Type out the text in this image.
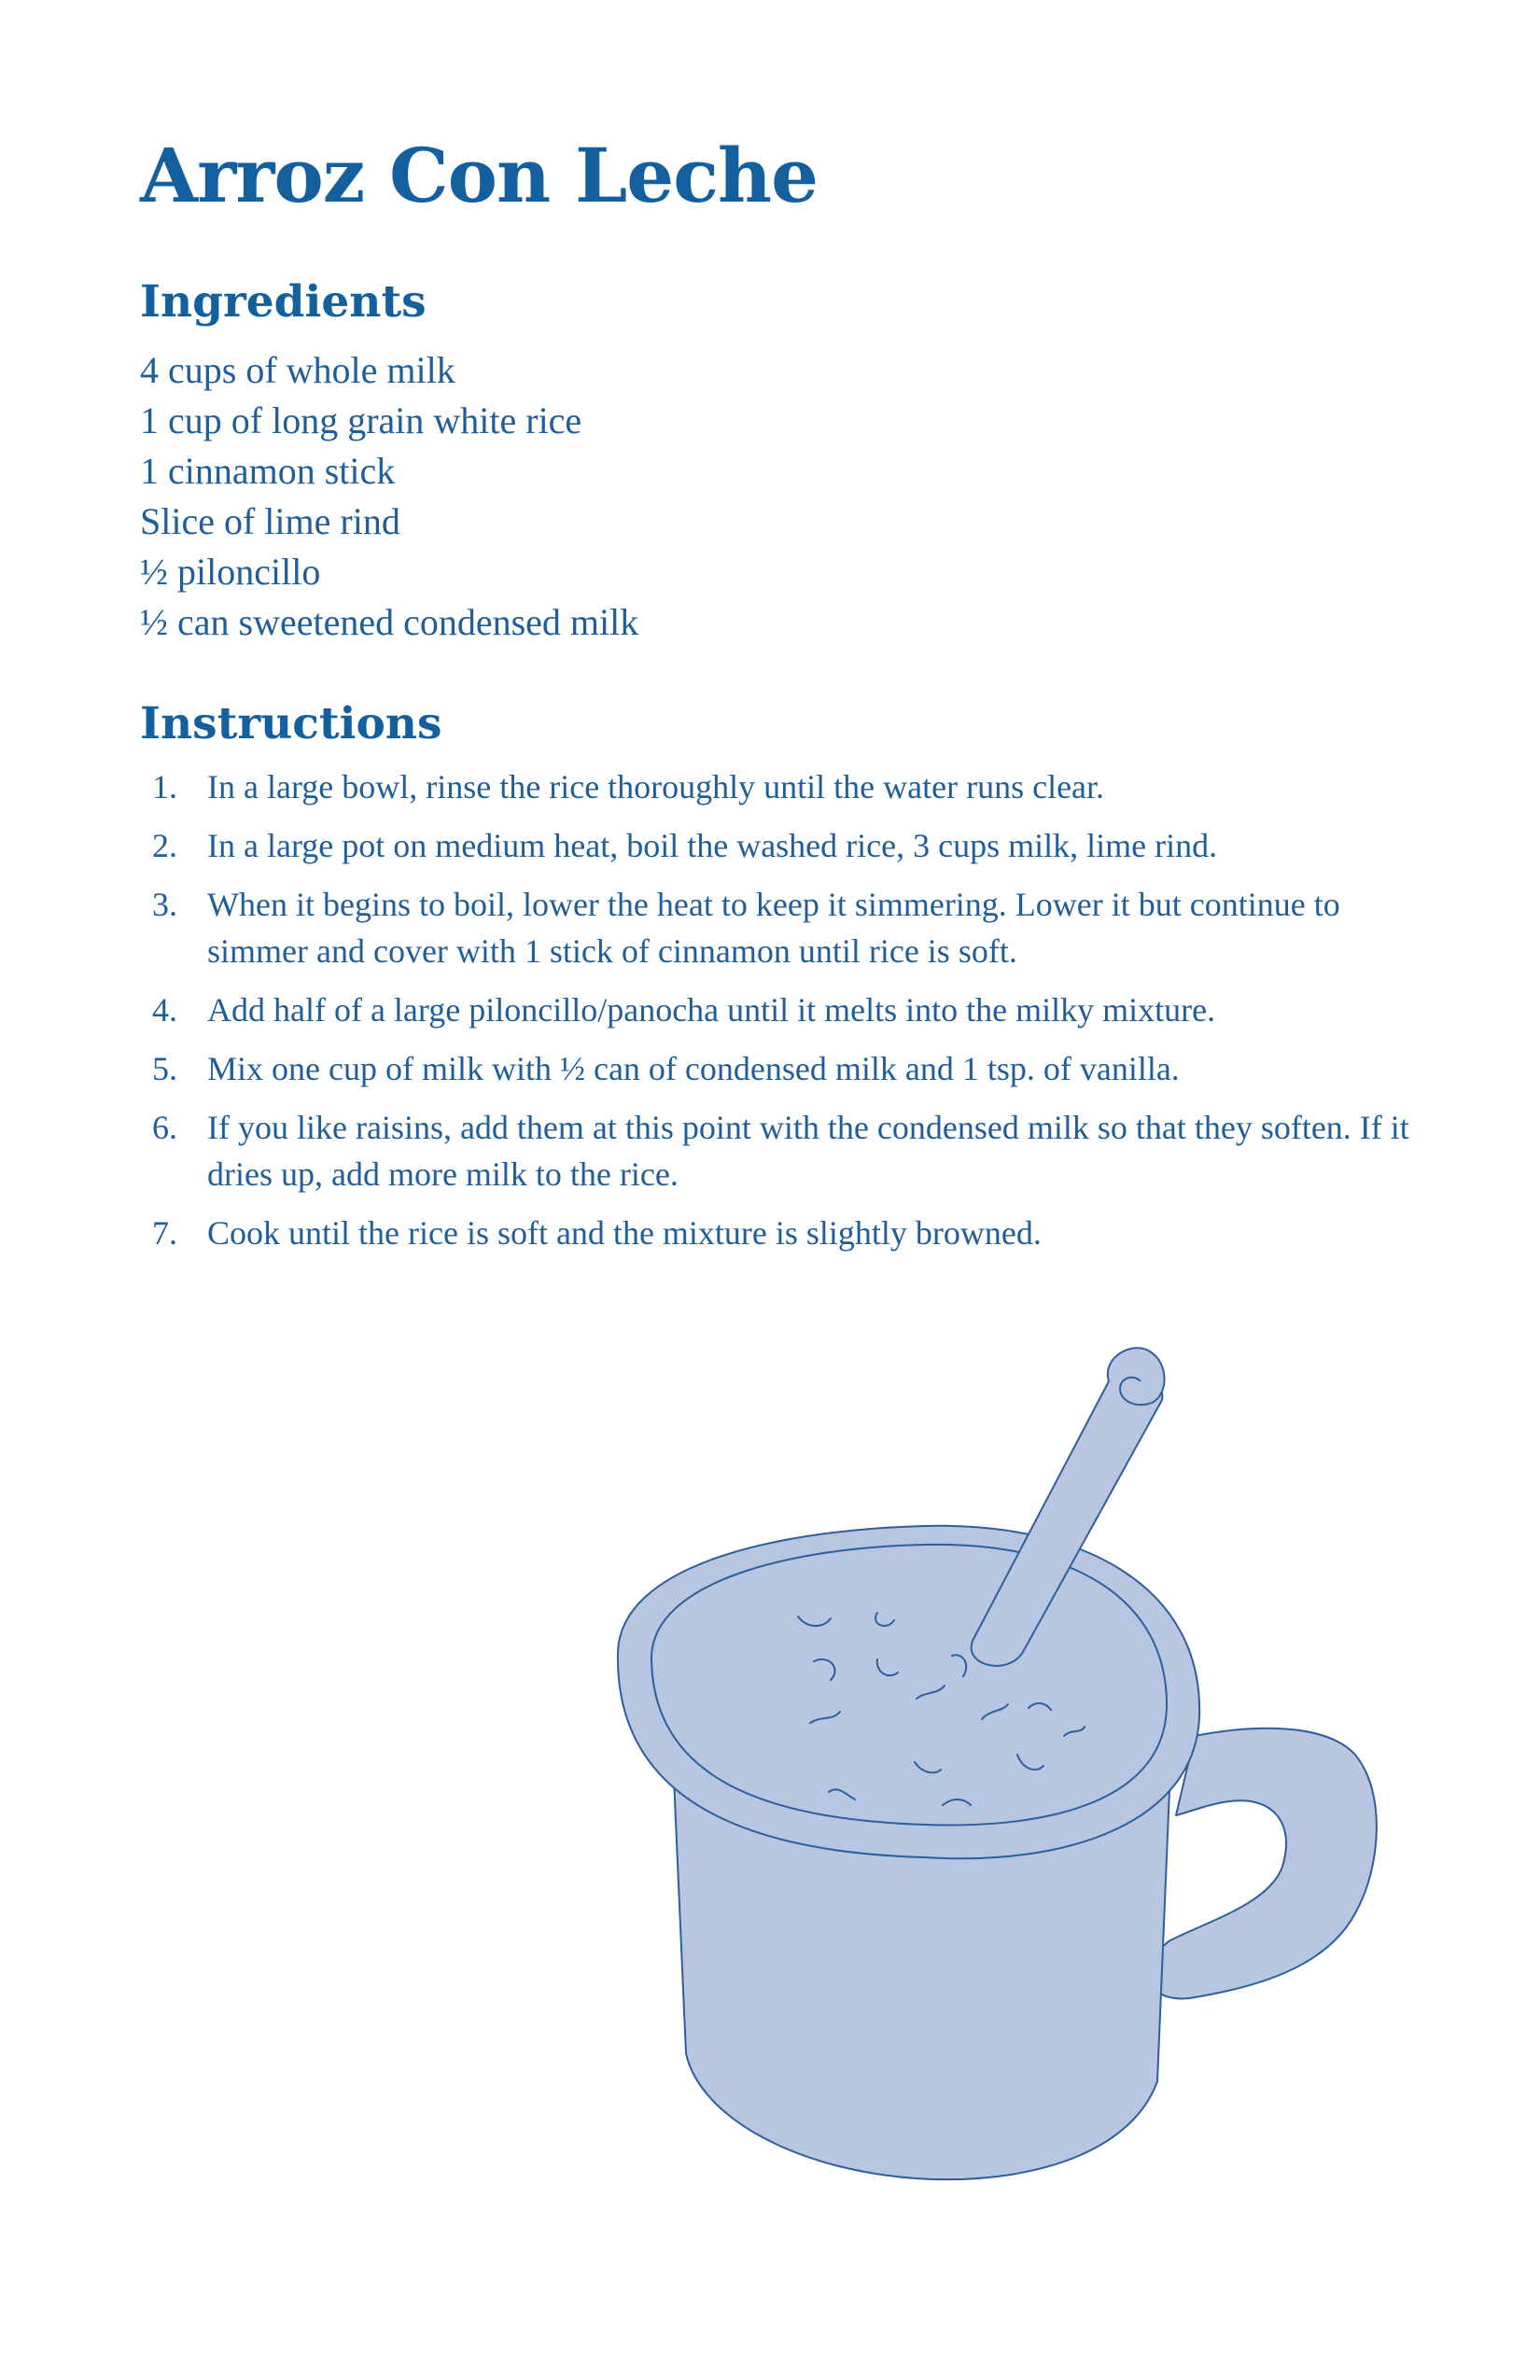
Arroz Con Leche
Ingredients
4 cups of whole milk
1 cup of long grain white rice
1 cinnamon stick
Slice of lime rind
½ piloncillo
½ can sweetened condensed milk
Instructions
1. In a large bowl, rinse the rice thoroughly until the water runs clear.
2. In a large pot on medium heat, boil the washed rice, 3 cups milk, lime rind.
3. When it begins to boil, lower the heat to keep it simmering. Lower it but continue to simmer and cover with 1 stick of cinnamon until rice is soft.
4. Add half of a large piloncillo/panocha until it melts into the milky mixture.
5. Mix one cup of milk with ½ can of condensed milk and 1 tsp. of vanilla.
6. If you like raisins, add them at this point with the condensed milk so that they soften. If it dries up, add more milk to the rice.
7. Cook until the rice is soft and the mixture is slightly browned.
